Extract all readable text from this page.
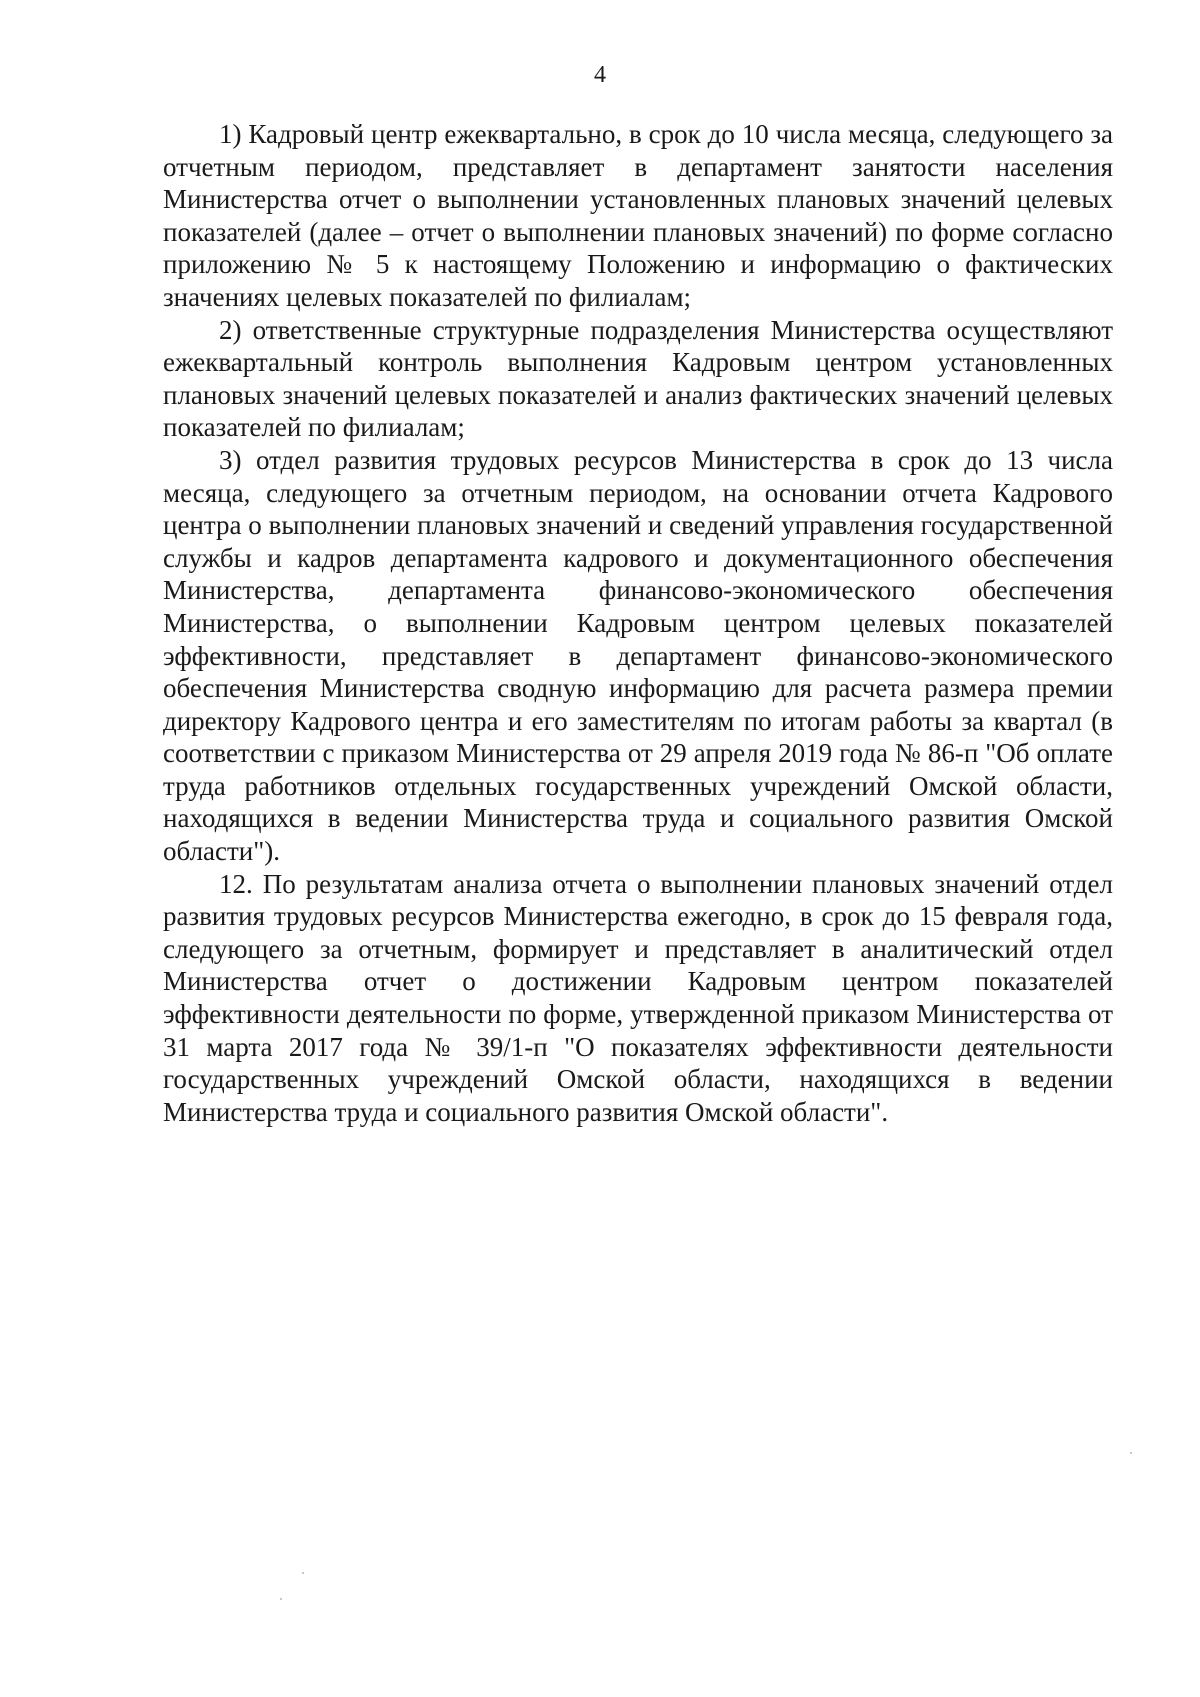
4

1) Кадровый центр ежеквартально, в срок до 10 числа месяца, следующего за отчетным периодом, представляет в департамент занятости населения Министерства отчет о выполнении установленных плановых значений целевых показателей (далее – отчет о выполнении плановых значений) по форме согласно приложению № 5 к настоящему Положению и информацию о фактических значениях целевых показателей по филиалам;

2) ответственные структурные подразделения Министерства осуществляют ежеквартальный контроль выполнения Кадровым центром установленных плановых значений целевых показателей и анализ фактических значений целевых показателей по филиалам;

3) отдел развития трудовых ресурсов Министерства в срок до 13 числа месяца, следующего за отчетным периодом, на основании отчета Кадрового центра о выполнении плановых значений и сведений управления государственной службы и кадров департамента кадрового и документационного обеспечения Министерства, департамента финансово-экономического обеспечения Министерства, о выполнении Кадровым центром целевых показателей эффективности, представляет в департамент финансово-экономического обеспечения Министерства сводную информацию для расчета размера премии директору Кадрового центра и его заместителям по итогам работы за квартал (в соответствии с приказом Министерства от 29 апреля 2019 года № 86-п "Об оплате труда работников отдельных государственных учреждений Омской области, находящихся в ведении Министерства труда и социального развития Омской области").

12. По результатам анализа отчета о выполнении плановых значений отдел развития трудовых ресурсов Министерства ежегодно, в срок до 15 февраля года, следующего за отчетным, формирует и представляет в аналитический отдел Министерства отчет о достижении Кадровым центром показателей эффективности деятельности по форме, утвержденной приказом Министерства от 31 марта 2017 года № 39/1-п "О показателях эффективности деятельности государственных учреждений Омской области, находящихся в ведении Министерства труда и социального развития Омской области".
